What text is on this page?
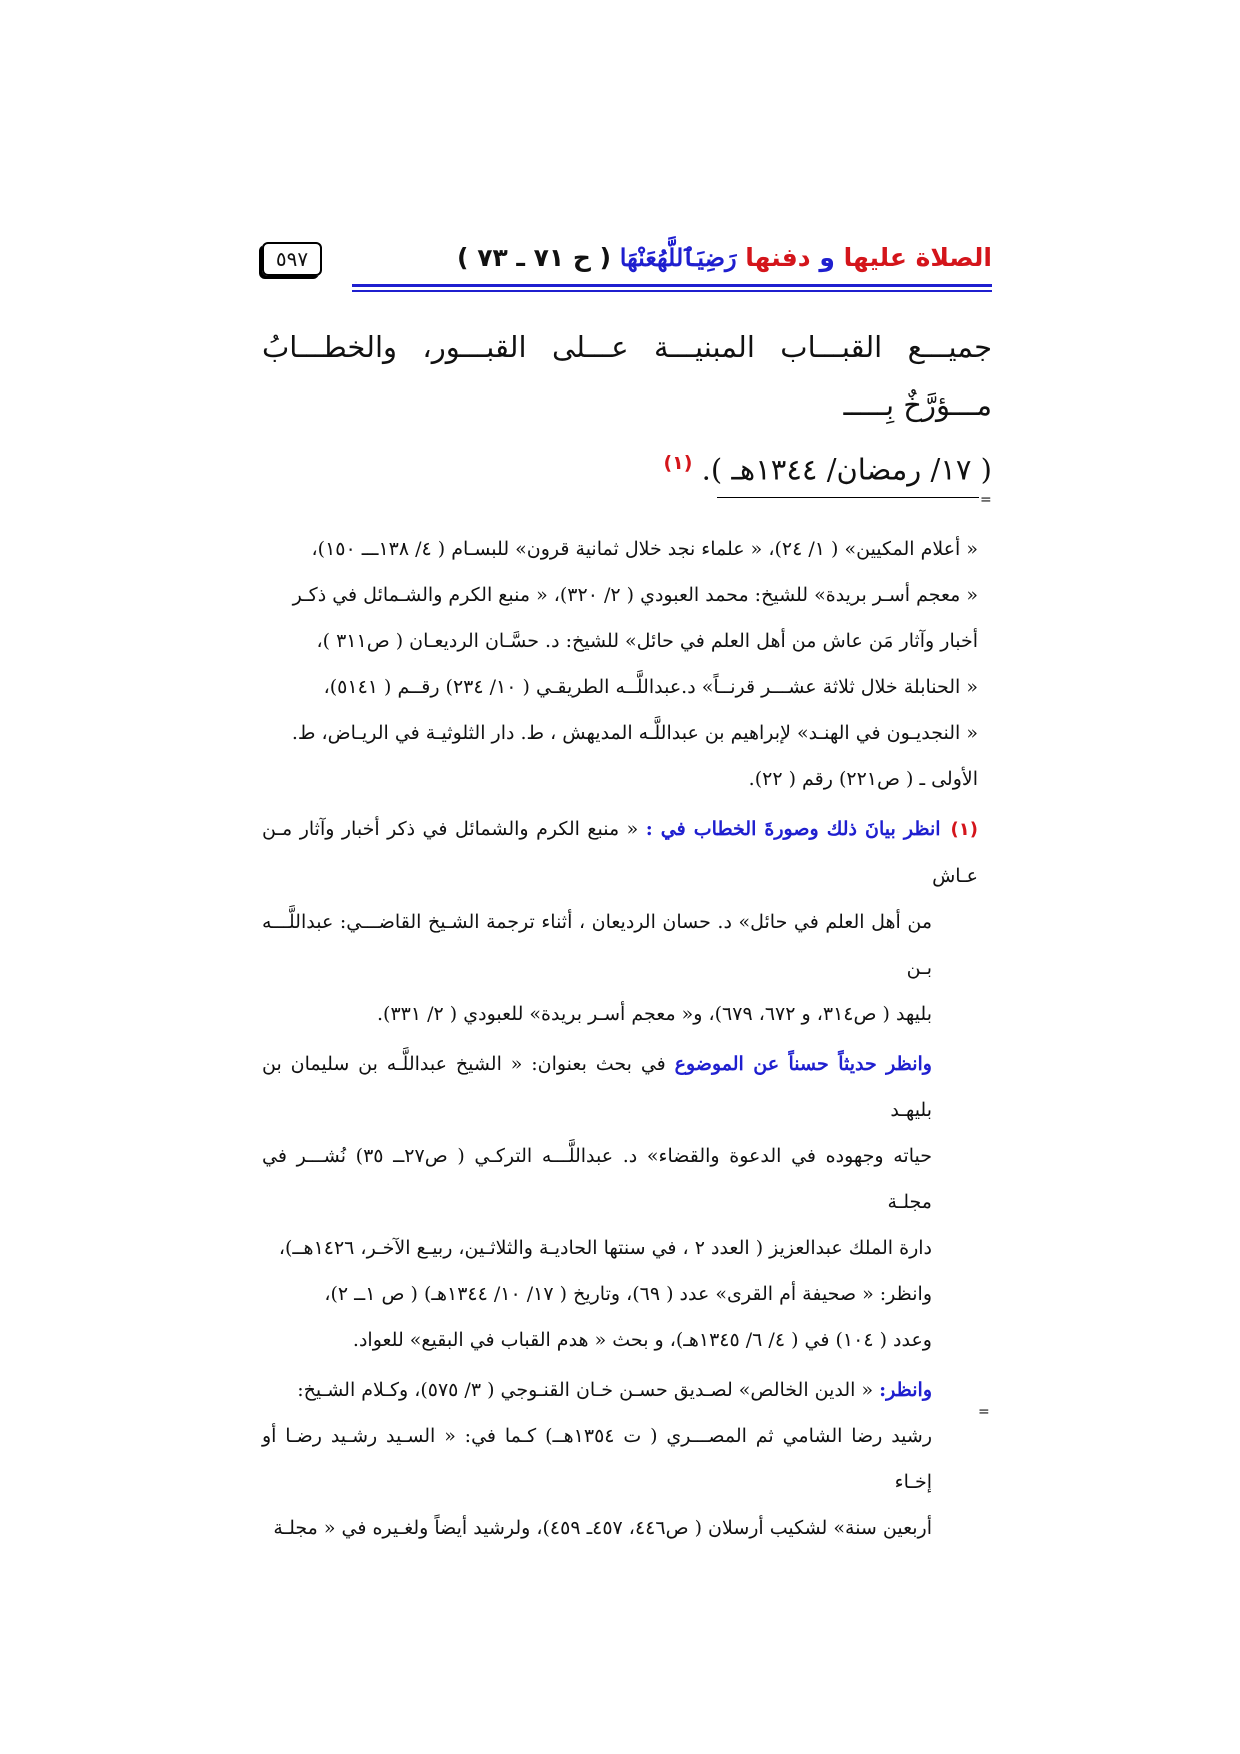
الصلاة عليها و دفنها رَضِيَٱللَّهُعَنْهَا ( ح ٧١ ـ ٧٣ )
٥٩٧

جميـــع القبـــاب المبنيـــة عـــلى القبـــور، والخطـــابُ مـــؤرَّخٌ بِـــــ

( ١٧/ رمضان/ ١٣٤٤هـ ). $^{(١)}$

=

« أعلام المكيين» ( ١/ ٢٤)، « علماء نجد خلال ثمانية قرون» للبسـام ( ٤/ ١٣٨ـــ ١٥٠)،

« معجم أسـر بريدة» للشيخ: محمد العبودي ( ٢/ ٣٢٠)، « منبع الكرم والشـمائل في ذكـر

أخبار وآثار مَن عاش من أهل العلم في حائل» للشيخ: د. حسَّـان الرديعـان ( ص٣١١ )،

« الحنابلة خلال ثلاثة عشـــر قرنــاً» د.عبداللَّــه الطريقـي ( ١٠/ ٢٣٤) رقــم ( ٥١٤١)،

« النجديـون في الهنـد» لإبراهيم بن عبداللَّـه المديهش ، ط. دار الثلوثيـة في الريـاض، ط.

الأولى ـ ( ص٢٢١) رقم ( ٢٢).

(١)انظر بيانَ ذلك وصورةَ الخطاب في : « منبع الكرم والشمائل في ذكر أخبار وآثار مـن عـاش

من أهل العلم في حائل» د. حسان الرديعان ، أثناء ترجمة الشـيخ القاضـــي: عبداللَّـــه بـن

بليهد ( ص٣١٤، و ٦٧٢، ٦٧٩)، و« معجم أسـر بريدة» للعبودي ( ٢/ ٣٣١).

وانظر حديثاً حسناً عن الموضوع في بحث بعنوان: « الشيخ عبداللَّـه بن سليمان بن بليهـد

حياته وجهوده في الدعوة والقضاء» د. عبداللَّـــه التركـي ( ص٢٧ــ ٣٥) نُشـــر في مجلـة

دارة الملك عبدالعزيز ( العدد ٢ ، في سنتها الحاديـة والثلاثـين، ربيـع الآخـر، ١٤٢٦هــ)،

وانظر: « صحيفة أم القرى» عدد ( ٦٩)، وتاريخ ( ١٧/ ١٠/ ١٣٤٤هـ) ( ص ١ــ ٢)،

وعدد ( ١٠٤) في ( ٤/ ٦/ ١٣٤٥هـ)، و بحث « هدم القباب في البقيع» للعواد.

وانظر: « الدين الخالص» لصـديق حسـن خـان القنـوجي ( ٣/ ٥٧٥)، وكـلام الشـيخ:

رشيد رضا الشامي ثم المصـــري ( ت ١٣٥٤هــ) كـما في: « السـيد رشـيد رضـا أو إخـاء

أربعين سنة» لشكيب أرسلان ( ص٤٤٦، ٤٥٧ـ ٤٥٩)، ولرشيد أيضاً ولغـيره في « مجلـة

=
